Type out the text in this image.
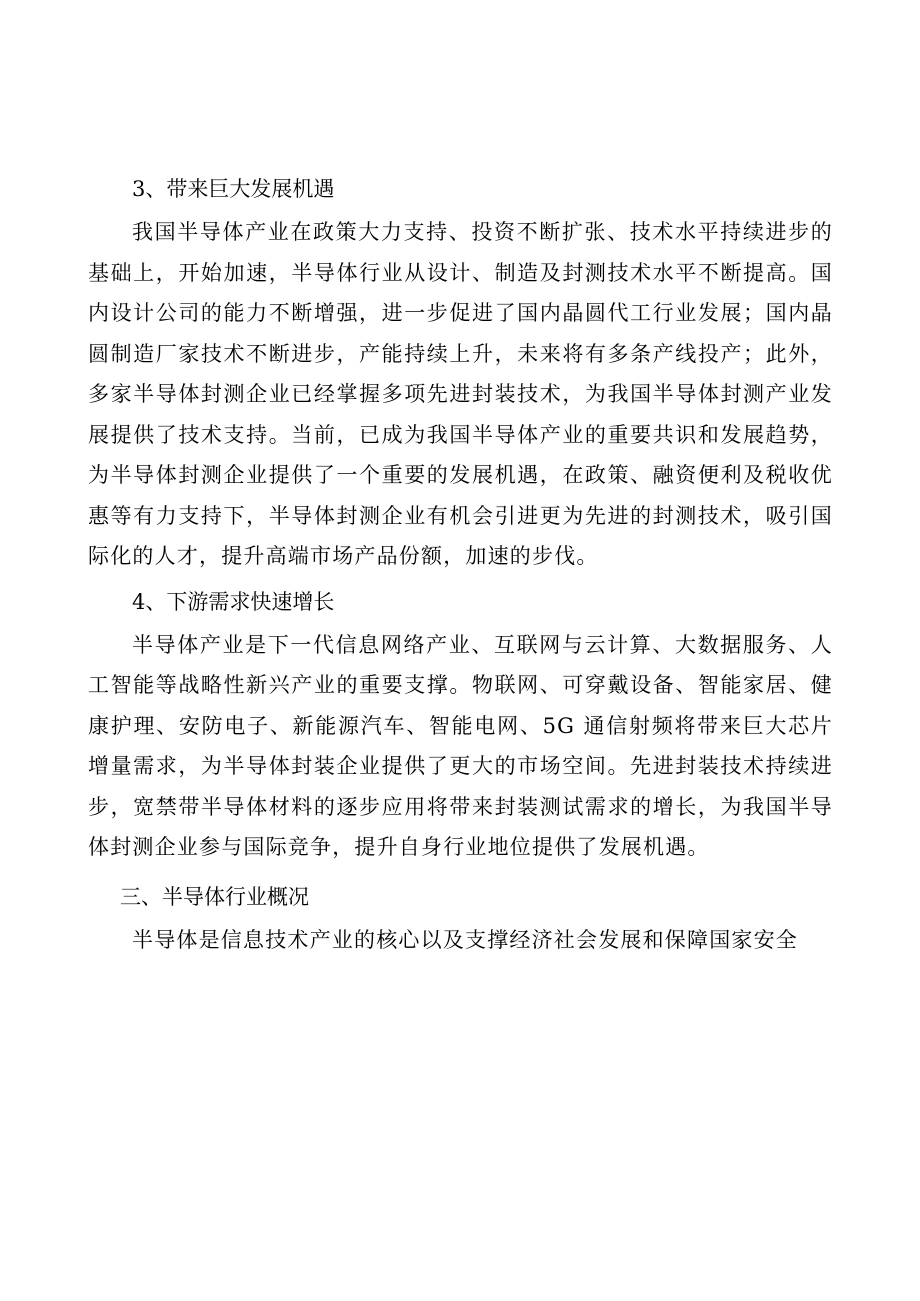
3、带来巨大发展机遇

我国半导体产业在政策大力支持、投资不断扩张、技术水平持续进步的基础上，开始加速，半导体行业从设计、制造及封测技术水平不断提高。国内设计公司的能力不断增强，进一步促进了国内晶圆代工行业发展；国内晶圆制造厂家技术不断进步，产能持续上升，未来将有多条产线投产；此外，多家半导体封测企业已经掌握多项先进封装技术，为我国半导体封测产业发展提供了技术支持。当前，已成为我国半导体产业的重要共识和发展趋势，为半导体封测企业提供了一个重要的发展机遇，在政策、融资便利及税收优惠等有力支持下，半导体封测企业有机会引进更为先进的封测技术，吸引国际化的人才，提升高端市场产品份额，加速的步伐。

4、下游需求快速增长

半导体产业是下一代信息网络产业、互联网与云计算、大数据服务、人工智能等战略性新兴产业的重要支撑。物联网、可穿戴设备、智能家居、健康护理、安防电子、新能源汽车、智能电网、5G 通信射频将带来巨大芯片增量需求，为半导体封装企业提供了更大的市场空间。先进封装技术持续进步，宽禁带半导体材料的逐步应用将带来封装测试需求的增长，为我国半导体封测企业参与国际竞争，提升自身行业地位提供了发展机遇。

三、半导体行业概况

半导体是信息技术产业的核心以及支撑经济社会发展和保障国家安全
